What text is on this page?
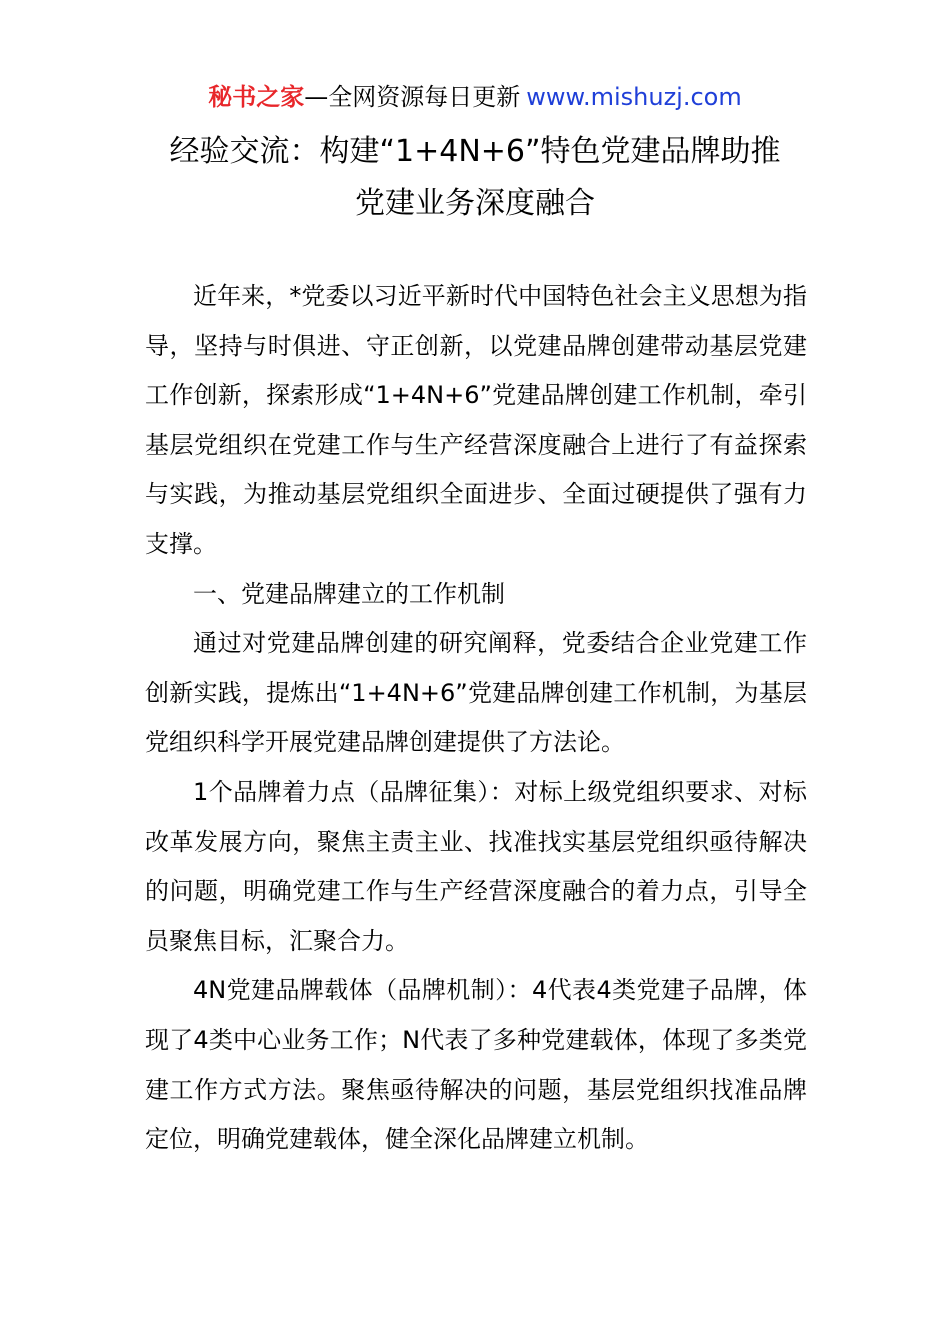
秘书之家—全网资源每日更新 www.mishuzj.com
经验交流：构建“1+4N+6”特色党建品牌助推
党建业务深度融合

近年来，*党委以习近平新时代中国特色社会主义思想为指导，坚持与时俱进、守正创新，以党建品牌创建带动基层党建工作创新，探索形成“1+4N+6”党建品牌创建工作机制，牵引基层党组织在党建工作与生产经营深度融合上进行了有益探索与实践，为推动基层党组织全面进步、全面过硬提供了强有力支撑。

一、党建品牌建立的工作机制

通过对党建品牌创建的研究阐释，党委结合企业党建工作创新实践，提炼出“1+4N+6”党建品牌创建工作机制，为基层党组织科学开展党建品牌创建提供了方法论。

1个品牌着力点（品牌征集）：对标上级党组织要求、对标改革发展方向，聚焦主责主业、找准找实基层党组织亟待解决的问题，明确党建工作与生产经营深度融合的着力点，引导全员聚焦目标，汇聚合力。

4N党建品牌载体（品牌机制）：4代表4类党建子品牌，体现了4类中心业务工作；N代表了多种党建载体，体现了多类党建工作方式方法。聚焦亟待解决的问题，基层党组织找准品牌定位，明确党建载体，健全深化品牌建立机制。
